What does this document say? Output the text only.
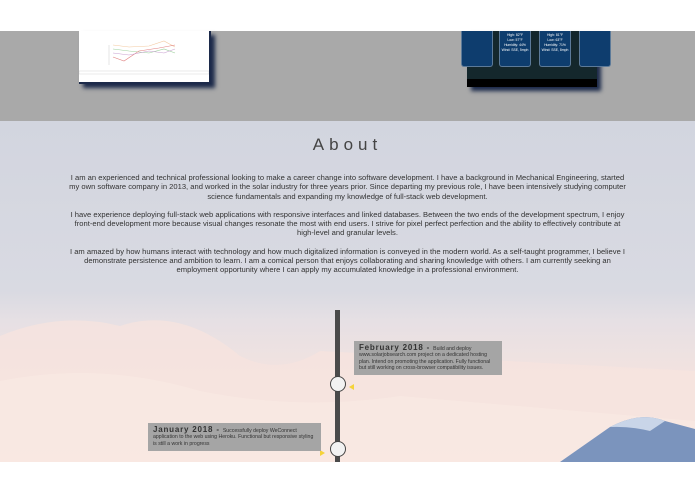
High: 82°F
Low: 57°F
Humidity: 44%
Wind: SSE, 5mph
High: 81°F
Low: 63°F
Humidity: 71%
Wind: SSE, 8mph
About

I am an experienced and technical professional looking to make a career change into software development. I have a background in Mechanical Engineering, started my own software company in 2013, and worked in the solar industry for three years prior. Since departing my previous role, I have been intensively studying computer science fundamentals and expanding my knowledge of full-stack web development.

I have experience deploying full-stack web applications with responsive interfaces and linked databases. Between the two ends of the development spectrum, I enjoy front-end development more because visual changes resonate the most with end users. I strive for pixel perfect perfection and the ability to effectively contribute at high-level and granular levels.

I am amazed by how humans interact with technology and how much digitalized information is conveyed in the modern world. As a self-taught programmer, I believe I demonstrate persistence and ambition to learn. I am a comical person that enjoys collaborating and sharing knowledge with others. I am currently seeking an employment opportunity where I can apply my accumulated knowledge in a professional environment.

February 2018 - Build and deploy www.solarjobsearch.com project on a dedicated hosting plan. Intend on promoting the application. Fully functional but still working on cross-browser compatibility issues.
January 2018 - Successfully deploy WeConnect application to the web using Heroku. Functional but responsive styling is still a work in progress
